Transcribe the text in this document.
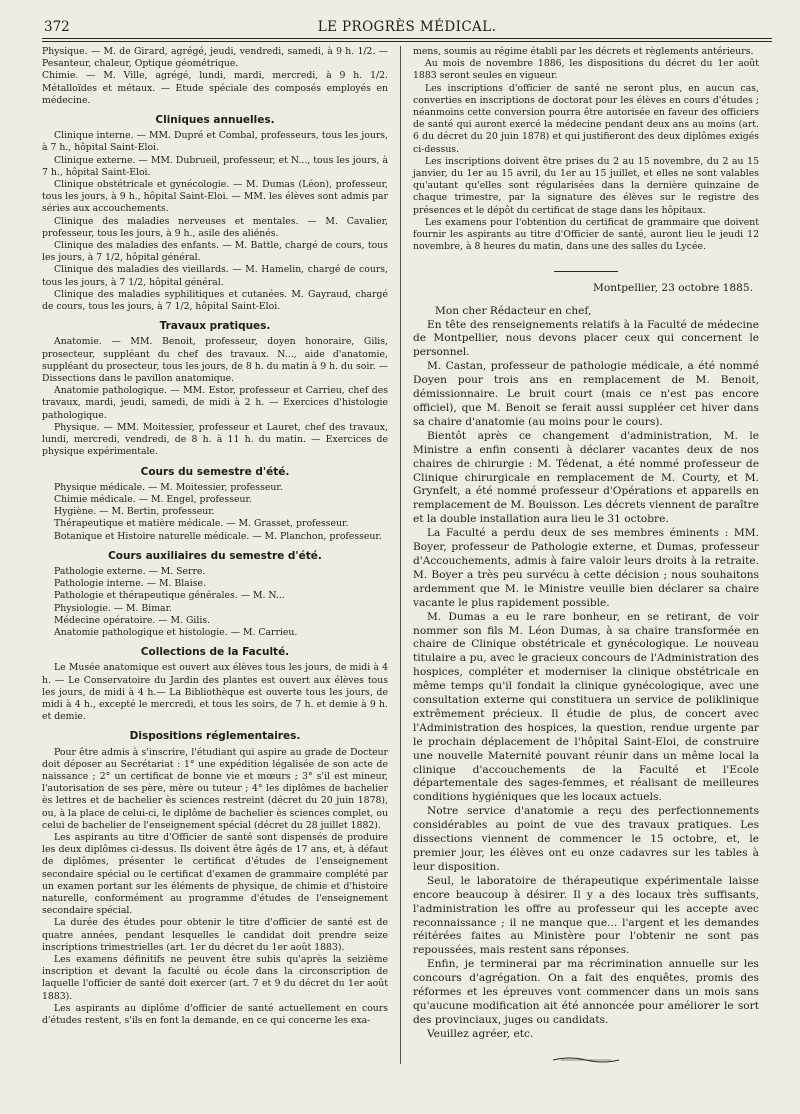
372	LE PROGRÈS MÉDICAL.

Physique. — M. de Girard, agrégé, jeudi, vendredi, samedi, à 9 h. 1/2. — Pesanteur, chaleur, Optique géométrique.

Chimie. — M. Ville, agrégé, lundi, mardi, mercredi, à 9 h. 1/2. Métalloïdes et métaux. — Etude spéciale des composés employés en médecine.

Cliniques annuelles.

Clinique interne. — MM. Dupré et Combal, professeurs, tous les jours, à 7 h., hôpital Saint-Eloi.

Clinique externe. — MM. Dubrueil, professeur, et N..., tous les jours, à 7 h., hôpital Saint-Eloi.

Clinique obstétricale et gynécologie. — M. Dumas (Léon), professeur, tous les jours, à 9 h., hôpital Saint-Eloi. — MM. les élèves sont admis par séries aux accouchements.

Clinique des maladies nerveuses et mentales. — M. Cavalier, professeur, tous les jours, à 9 h., asile des aliénés.

Clinique des maladies des enfants. — M. Battle, chargé de cours, tous les jours, à 7 1/2, hôpital général.

Clinique des maladies des vieillards. — M. Hamelin, chargé de cours, tous les jours, à 7 1/2, hôpital général.

Clinique des maladies syphilitiques et cutanées. M. Gayraud, chargé de cours, tous les jours, à 7 1/2, hôpital Saint-Eloi.

Travaux pratiques.

Anatomie. — MM. Benoit, professeur, doyen honoraire, Gilis, prosecteur, suppléant du chef des travaux. N..., aide d'anatomie, suppléant du prosecteur, tous les jours, de 8 h. du matin à 9 h. du soir. — Dissections dans le pavillon anatomique.

Anatomie pathologique. — MM. Estor, professeur et Carrieu, chef des travaux, mardi, jeudi, samedi, de midi à 2 h. — Exercices d'histologie pathologique.

Physique. — MM. Moitessier, professeur et Lauret, chef des travaux, lundi, mercredi, vendredi, de 8 h. à 11 h. du matin. — Exercices de physique expérimentale.

Cours du semestre d'été.

Physique médicale. — M. Moitessier, professeur.

Chimie médicale. — M. Engel, professeur.

Hygiène. — M. Bertin, professeur.

Thérapeutique et matière médicale. — M. Grasset, professeur.

Botanique et Histoire naturelle médicale. — M. Planchon, professeur.

Cours auxiliaires du semestre d'été.

Pathologie externe. — M. Serre.

Pathologie interne. — M. Blaise.

Pathologie et thérapeutique générales. — M. N...

Physiologie. — M. Bimar.

Médecine opératoire. — M. Gilis.

Anatomie pathologique et histologie. — M. Carrieu.

Collections de la Faculté.

Le Musée anatomique est ouvert aux élèves tous les jours, de midi à 4 h. — Le Conservatoire du Jardin des plantes est ouvert aux élèves tous les jours, de midi à 4 h.— La Bibliothèque est ouverte tous les jours, de midi à 4 h., excepté le mercredi, et tous les soirs, de 7 h. et demie à 9 h. et demie.

Dispositions réglementaires.

Pour être admis à s'inscrire, l'étudiant qui aspire au grade de Docteur doit déposer au Secrétariat : 1° une expédition légalisée de son acte de naissance ; 2° un certificat de bonne vie et mœurs ; 3° s'il est mineur, l'autorisation de ses père, mère ou tuteur ; 4° les diplômes de bachelier ès lettres et de bachelier ès sciences restreint (décret du 20 juin 1878), ou, à la place de celui-ci, le diplôme de bachelier ès sciences complet, ou celui de bachelier de l'enseignement spécial (décret du 28 juillet 1882).

Les aspirants au titre d'Officier de santé sont dispensés de produire les deux diplômes ci-dessus. Ils doivent être âgés de 17 ans, et, à défaut de diplômes, présenter le certificat d'études de l'enseignement secondaire spécial ou le certificat d'examen de grammaire complété par un examen portant sur les éléments de physique, de chimie et d'histoire naturelle, conformément au programme d'études de l'enseignement secondaire spécial.

La durée des études pour obtenir le titre d'officier de santé est de quatre années, pendant lesquelles le candidat doit prendre seize inscriptions trimestrielles (art. 1er du décret du 1er août 1883).

Les examens définitifs ne peuvent être subis qu'après la seizième inscription et devant la faculté ou école dans la circonscription de laquelle l'officier de santé doit exercer (art. 7 et 9 du décret du 1er août 1883).

Les aspirants au diplôme d'officier de santé actuellement en cours d'études restent, s'ils en font la demande, en ce qui concerne les exa-

mens, soumis au régime établi par les décrets et règlements antérieurs.

Au mois de novembre 1886, les dispositions du décret du 1er août 1883 seront seules en vigueur.

Les inscriptions d'officier de santé ne seront plus, en aucun cas, converties en inscriptions de doctorat pour les élèves en cours d'études ; néanmoins cette conversion pourra être autorisée en faveur des officiers de santé qui auront exercé la médecine pendant deux ans au moins (art. 6 du décret du 20 juin 1878) et qui justifieront des deux diplômes exigés ci-dessus.

Les inscriptions doivent être prises du 2 au 15 novembre, du 2 au 15 janvier, du 1er au 15 avril, du 1er au 15 juillet, et elles ne sont valables qu'autant qu'elles sont régularisées dans la dernière quinzaine de chaque trimestre, par la signature des élèves sur le registre des présences et le dépôt du certificat de stage dans les hôpitaux.

Les examens pour l'obtention du certificat de grammaire que doivent fournir les aspirants au titre d'Officier de santé, auront lieu le jeudi 12 novembre, à 8 heures du matin, dans une des salles du Lycée.

Montpellier, 23 octobre 1885.

Mon cher Rédacteur en chef,

En tête des renseignements relatifs à la Faculté de médecine de Montpellier, nous devons placer ceux qui concernent le personnel.

M. Castan, professeur de pathologie médicale, a été nommé Doyen pour trois ans en remplacement de M. Benoit, démissionnaire. Le bruit court (mais ce n'est pas encore officiel), que M. Benoit se ferait aussi suppléer cet hiver dans sa chaire d'anatomie (au moins pour le cours).

Bientôt après ce changement d'administration, M. le Ministre a enfin consenti à déclarer vacantes deux de nos chaires de chirurgie : M. Tédenat, a été nommé professeur de Clinique chirurgicale en remplacement de M. Courty, et M. Grynfelt, a été nommé professeur d'Opérations et appareils en remplacement de M. Bouisson. Les décrets viennent de paraître et la double installation aura lieu le 31 octobre.

La Faculté a perdu deux de ses membres éminents : MM. Boyer, professeur de Pathologie externe, et Dumas, professeur d'Accouchements, admis à faire valoir leurs droits à la retraite. M. Boyer a très peu survécu à cette décision ; nous souhaitons ardemment que M. le Ministre veuille bien déclarer sa chaire vacante le plus rapidement possible.

M. Dumas a eu le rare bonheur, en se retirant, de voir nommer son fils M. Léon Dumas, à sa chaire transformée en chaire de Clinique obstétricale et gynécologique. Le nouveau titulaire a pu, avec le gracieux concours de l'Administration des hospices, compléter et moderniser la clinique obstétricale en même temps qu'il fondait la clinique gynécologique, avec une consultation externe qui constituera un service de poliklinique extrêmement précieux. Il étudie de plus, de concert avec l'Administration des hospices, la question, rendue urgente par le prochain déplacement de l'hôpital Saint-Eloi, de construire une nouvelle Maternité pouvant réunir dans un même local la clinique d'accouchements de la Faculté et l'Ecole départementale des sages-femmes, et réalisant de meilleures conditions hygiéniques que les locaux actuels.

Notre service d'anatomie a reçu des perfectionnements considérables au point de vue des travaux pratiques. Les dissections viennent de commencer le 15 octobre, et, le premier jour, les élèves ont eu onze cadavres sur les tables à leur disposition.

Seul, le laboratoire de thérapeutique expérimentale laisse encore beaucoup à désirer. Il y a des locaux très suffisants, l'administration les offre au professeur qui les accepte avec reconnaissance ; il ne manque que... l'argent et les demandes réitérées faites au Ministère pour l'obtenir ne sont pas repoussées, mais restent sans réponses.

Enfin, je terminerai par ma récrimination annuelle sur les concours d'agrégation. On a fait des enquêtes, promis des réformes et les épreuves vont commencer dans un mois sans qu'aucune modification ait été annoncée pour améliorer le sort des provinciaux, juges ou candidats.

Veuillez agréer, etc.
